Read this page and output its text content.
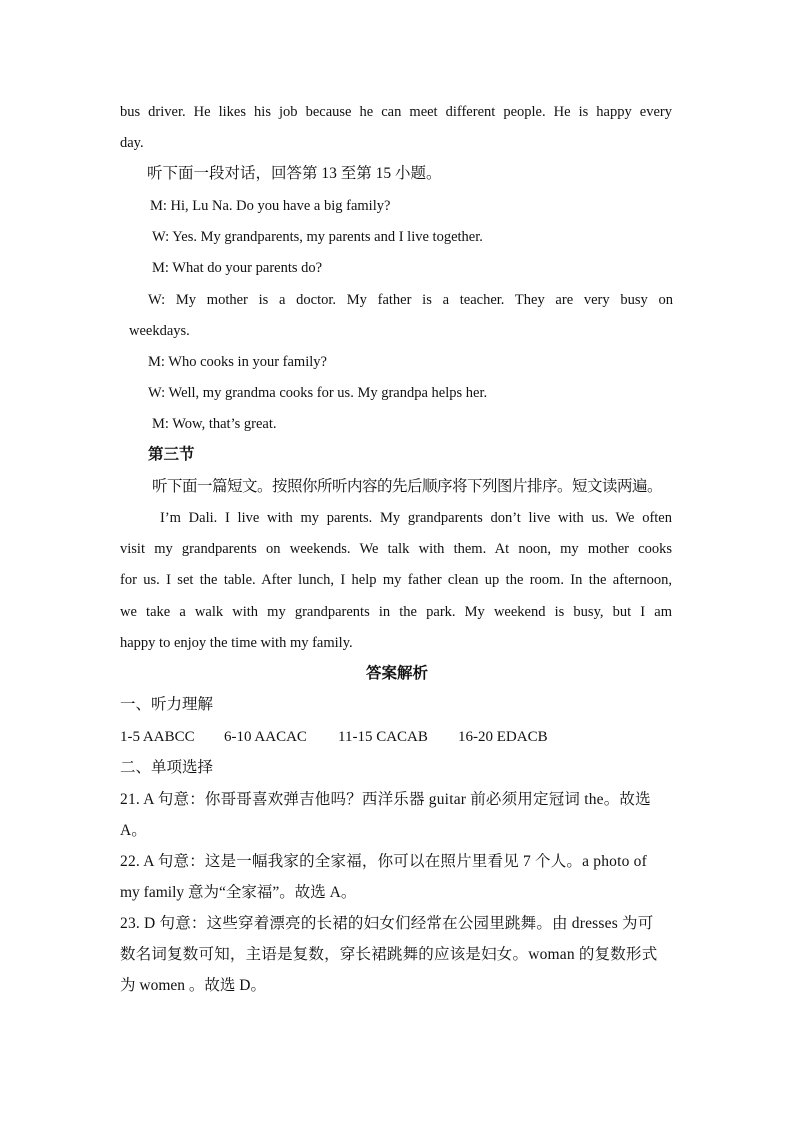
bus driver. He likes his job because he can meet different people. He is happy every
day.
听下面一段对话，回答第 13 至第 15 小题。
M: Hi, Lu Na. Do you have a big family?
W: Yes. My grandparents, my parents and I live together.
M: What do your parents do?
W: My mother is a doctor. My father is a teacher. They are very busy on
weekdays.
M: Who cooks in your family?
W: Well, my grandma cooks for us. My grandpa helps her.
M: Wow, that’s great.
第三节
听下面一篇短文。按照你所听内容的先后顺序将下列图片排序。短文读两遍。
I’m Dali. I live with my parents. My grandparents don’t live with us. We often
visit my grandparents on weekends. We talk with them. At noon, my mother cooks
for us. I set the table. After lunch, I help my father clean up the room. In the afternoon,
we take a walk with my grandparents in the park. My weekend is busy, but I am
happy to enjoy the time with my family.
答案解析
一、听力理解
1-5 AABCC 6-10 AACAC 11-15 CACAB 16-20 EDACB
二、单项选择
21. A 句意：你哥哥喜欢弹吉他吗？西洋乐器 guitar 前必须用定冠词 the。故选
A。
22. A 句意：这是一幅我家的全家福，你可以在照片里看见 7 个人。a photo of
my family 意为“全家福”。故选 A。
23. D 句意：这些穿着漂亮的长裙的妇女们经常在公园里跳舞。由 dresses 为可
数名词复数可知，主语是复数，穿长裙跳舞的应该是妇女。woman 的复数形式
为 women 。故选 D。
